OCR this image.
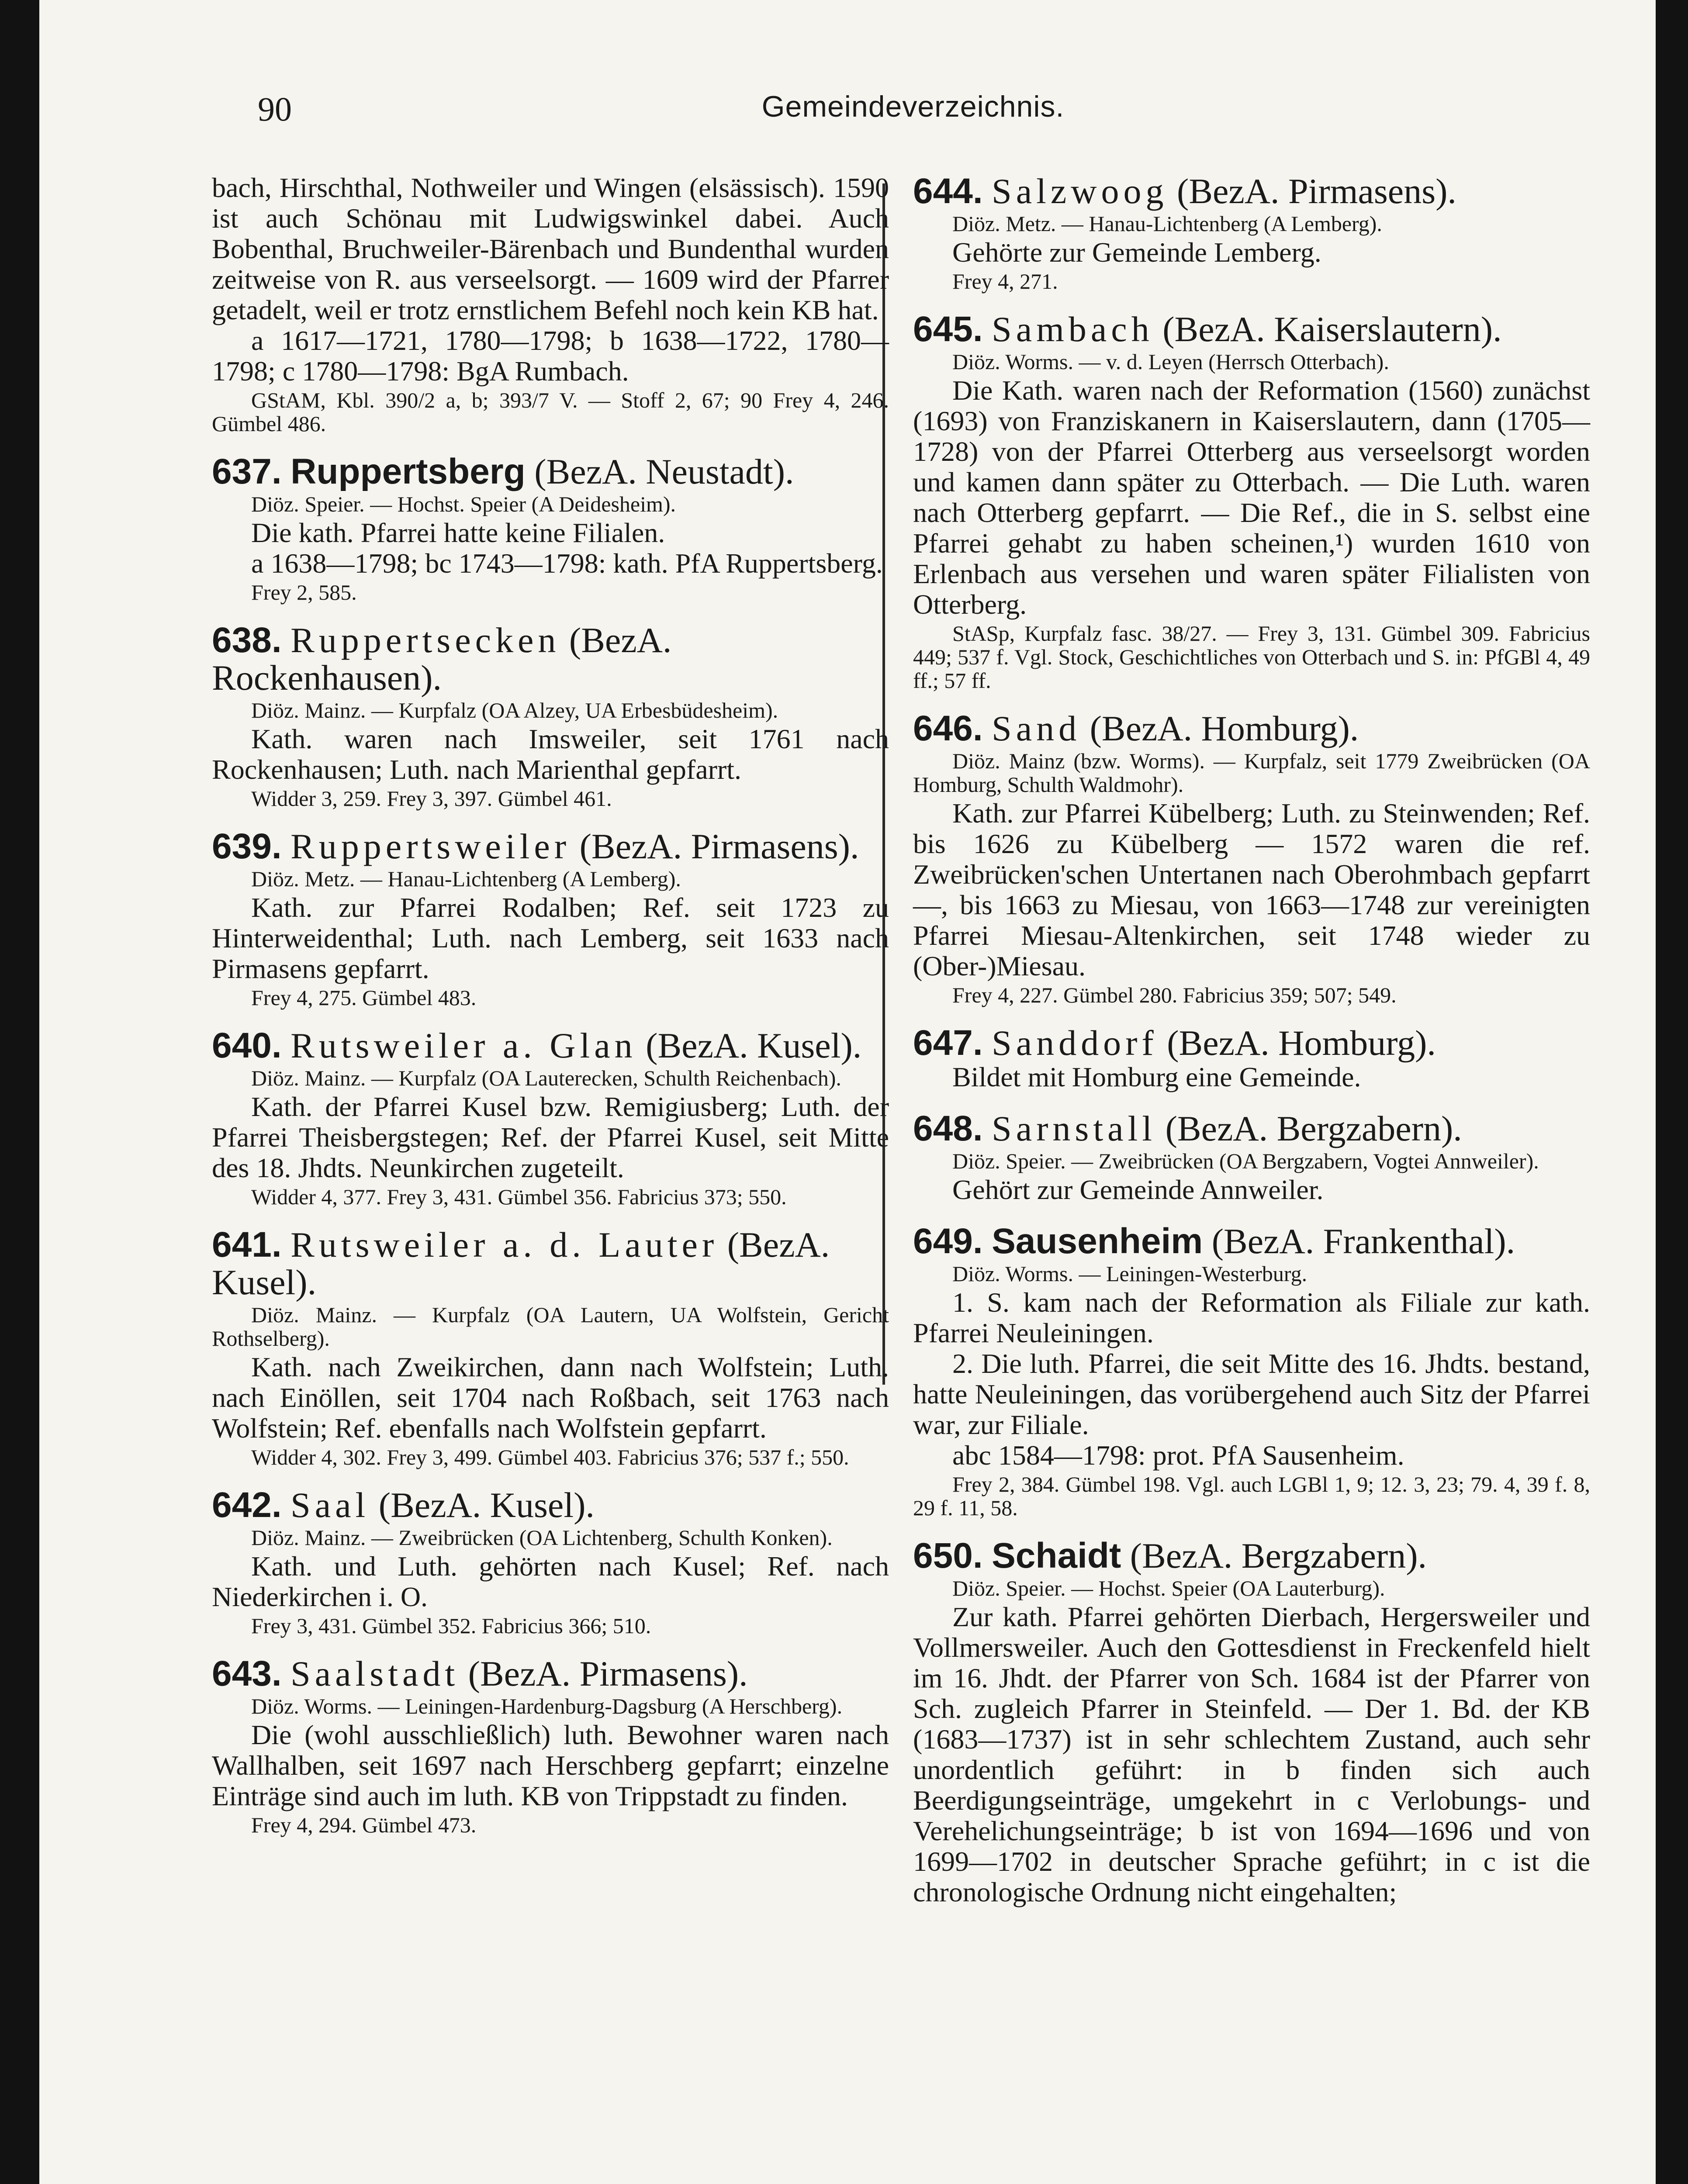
90	Gemeindeverzeichnis.

bach, Hirschthal, Nothweiler und Wingen (elsässisch). 1590 ist auch Schönau mit Ludwigswinkel dabei. Auch Bobenthal, Bruchweiler-Bärenbach und Bundenthal wurden zeitweise von R. aus verseelsorgt. — 1609 wird der Pfarrer getadelt, weil er trotz ernstlichem Befehl noch kein KB hat.

a 1617—1721, 1780—1798; b 1638—1722, 1780—1798; c 1780—1798: BgA Rumbach.

GStAM, Kbl. 390/2 a, b; 393/7 V. — Stoff 2, 67; 90 Frey 4, 246. Gümbel 486.

637. Ruppertsberg (BezA. Neustadt).

Diöz. Speier. — Hochst. Speier (A Deidesheim).

Die kath. Pfarrei hatte keine Filialen.

a 1638—1798; bc 1743—1798: kath. PfA Ruppertsberg.

Frey 2, 585.

638. Ruppertsecken (BezA. Rockenhausen).

Diöz. Mainz. — Kurpfalz (OA Alzey, UA Erbesbüdesheim).

Kath. waren nach Imsweiler, seit 1761 nach Rockenhausen; Luth. nach Marienthal gepfarrt.

Widder 3, 259. Frey 3, 397. Gümbel 461.

639. Ruppertsweiler (BezA. Pirmasens).

Diöz. Metz. — Hanau-Lichtenberg (A Lemberg).

Kath. zur Pfarrei Rodalben; Ref. seit 1723 zu Hinterweidenthal; Luth. nach Lemberg, seit 1633 nach Pirmasens gepfarrt.

Frey 4, 275. Gümbel 483.

640. Rutsweiler a. Glan (BezA. Kusel).

Diöz. Mainz. — Kurpfalz (OA Lauterecken, Schulth Reichenbach).

Kath. der Pfarrei Kusel bzw. Remigiusberg; Luth. der Pfarrei Theisbergstegen; Ref. der Pfarrei Kusel, seit Mitte des 18. Jhdts. Neunkirchen zugeteilt.

Widder 4, 377. Frey 3, 431. Gümbel 356. Fabricius 373; 550.

641. Rutsweiler a. d. Lauter (BezA. Kusel).

Diöz. Mainz. — Kurpfalz (OA Lautern, UA Wolfstein, Gericht Rothselberg).

Kath. nach Zweikirchen, dann nach Wolfstein; Luth. nach Einöllen, seit 1704 nach Roßbach, seit 1763 nach Wolfstein; Ref. ebenfalls nach Wolfstein gepfarrt.

Widder 4, 302. Frey 3, 499. Gümbel 403. Fabricius 376; 537 f.; 550.

642. Saal (BezA. Kusel).

Diöz. Mainz. — Zweibrücken (OA Lichtenberg, Schulth Konken).

Kath. und Luth. gehörten nach Kusel; Ref. nach Niederkirchen i. O.

Frey 3, 431. Gümbel 352. Fabricius 366; 510.

643. Saalstadt (BezA. Pirmasens).

Diöz. Worms. — Leiningen-Hardenburg-Dagsburg (A Herschberg).

Die (wohl ausschließlich) luth. Bewohner waren nach Wallhalben, seit 1697 nach Herschberg gepfarrt; einzelne Einträge sind auch im luth. KB von Trippstadt zu finden.

Frey 4, 294. Gümbel 473.

644. Salzwoog (BezA. Pirmasens).

Diöz. Metz. — Hanau-Lichtenberg (A Lemberg).

Gehörte zur Gemeinde Lemberg.

Frey 4, 271.

645. Sambach (BezA. Kaiserslautern).

Diöz. Worms. — v. d. Leyen (Herrsch Otterbach).

Die Kath. waren nach der Reformation (1560) zunächst (1693) von Franziskanern in Kaiserslautern, dann (1705—1728) von der Pfarrei Otterberg aus verseelsorgt worden und kamen dann später zu Otterbach. — Die Luth. waren nach Otterberg gepfarrt. — Die Ref., die in S. selbst eine Pfarrei gehabt zu haben scheinen,¹) wurden 1610 von Erlenbach aus versehen und waren später Filialisten von Otterberg.

StASp, Kurpfalz fasc. 38/27. — Frey 3, 131. Gümbel 309. Fabricius 449; 537 f. Vgl. Stock, Geschichtliches von Otterbach und S. in: PfGBl 4, 49 ff.; 57 ff.

646. Sand (BezA. Homburg).

Diöz. Mainz (bzw. Worms). — Kurpfalz, seit 1779 Zweibrücken (OA Homburg, Schulth Waldmohr).

Kath. zur Pfarrei Kübelberg; Luth. zu Steinwenden; Ref. bis 1626 zu Kübelberg — 1572 waren die ref. Zweibrücken'schen Untertanen nach Oberohmbach gepfarrt —, bis 1663 zu Miesau, von 1663—1748 zur vereinigten Pfarrei Miesau-Altenkirchen, seit 1748 wieder zu (Ober-)Miesau.

Frey 4, 227. Gümbel 280. Fabricius 359; 507; 549.

647. Sanddorf (BezA. Homburg).

Bildet mit Homburg eine Gemeinde.

648. Sarnstall (BezA. Bergzabern).

Diöz. Speier. — Zweibrücken (OA Bergzabern, Vogtei Annweiler).

Gehört zur Gemeinde Annweiler.

649. Sausenheim (BezA. Frankenthal).

Diöz. Worms. — Leiningen-Westerburg.

1. S. kam nach der Reformation als Filiale zur kath. Pfarrei Neuleiningen.

2. Die luth. Pfarrei, die seit Mitte des 16. Jhdts. bestand, hatte Neuleiningen, das vorübergehend auch Sitz der Pfarrei war, zur Filiale.

abc 1584—1798: prot. PfA Sausenheim.

Frey 2, 384. Gümbel 198. Vgl. auch LGBl 1, 9; 12. 3, 23; 79. 4, 39 f. 8, 29 f. 11, 58.

650. Schaidt (BezA. Bergzabern).

Diöz. Speier. — Hochst. Speier (OA Lauterburg).

Zur kath. Pfarrei gehörten Dierbach, Hergersweiler und Vollmersweiler. Auch den Gottesdienst in Freckenfeld hielt im 16. Jhdt. der Pfarrer von Sch. 1684 ist der Pfarrer von Sch. zugleich Pfarrer in Steinfeld. — Der 1. Bd. der KB (1683—1737) ist in sehr schlechtem Zustand, auch sehr unordentlich geführt: in b finden sich auch Beerdigungseinträge, umgekehrt in c Verlobungs- und Verehelichungseinträge; b ist von 1694—1696 und von 1699—1702 in deutscher Sprache geführt; in c ist die chronologische Ordnung nicht eingehalten;
